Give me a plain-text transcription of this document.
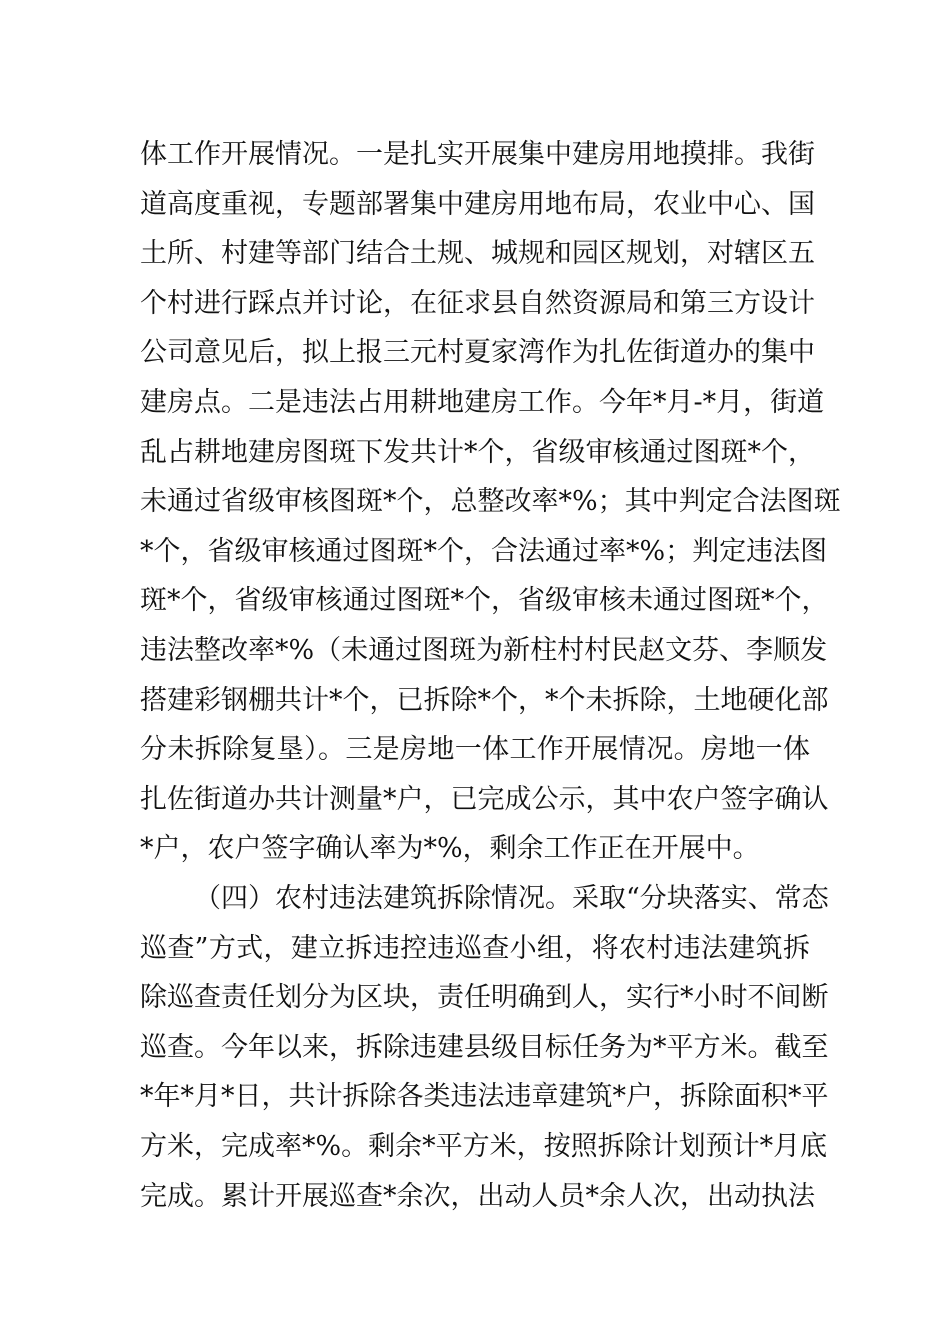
体工作开展情况。一是扎实开展集中建房用地摸排。我街
道高度重视，专题部署集中建房用地布局，农业中心、国
土所、村建等部门结合土规、城规和园区规划，对辖区五
个村进行踩点并讨论，在征求县自然资源局和第三方设计
公司意见后，拟上报三元村夏家湾作为扎佐街道办的集中
建房点。二是违法占用耕地建房工作。今年*月-*月，街道
乱占耕地建房图斑下发共计*个，省级审核通过图斑*个，
未通过省级审核图斑*个，总整改率*%；其中判定合法图斑
*个，省级审核通过图斑*个，合法通过率*%；判定违法图
斑*个，省级审核通过图斑*个，省级审核未通过图斑*个，
违法整改率*%（未通过图斑为新柱村村民赵文芬、李顺发
搭建彩钢棚共计*个，已拆除*个，*个未拆除，土地硬化部
分未拆除复垦）。三是房地一体工作开展情况。房地一体
扎佐街道办共计测量*户，已完成公示，其中农户签字确认
*户，农户签字确认率为*%，剩余工作正在开展中。
（四）农村违法建筑拆除情况。采取“分块落实、常态
巡查”方式，建立拆违控违巡查小组，将农村违法建筑拆
除巡查责任划分为区块，责任明确到人，实行*小时不间断
巡查。今年以来，拆除违建县级目标任务为*平方米。截至
*年*月*日，共计拆除各类违法违章建筑*户，拆除面积*平
方米，完成率*%。剩余*平方米，按照拆除计划预计*月底
完成。累计开展巡查*余次，出动人员*余人次，出动执法
